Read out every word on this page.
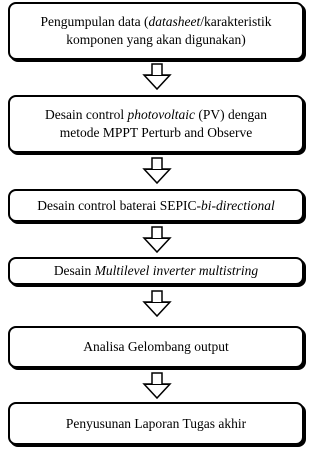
Pengumpulan data (datasheet/karakteristik
komponen yang akan digunakan)
Desain control photovoltaic (PV) dengan
metode MPPT Perturb and Observe
Desain control baterai SEPIC-bi-directional
Desain Multilevel inverter multistring
Analisa Gelombang output
Penyusunan Laporan Tugas akhir
